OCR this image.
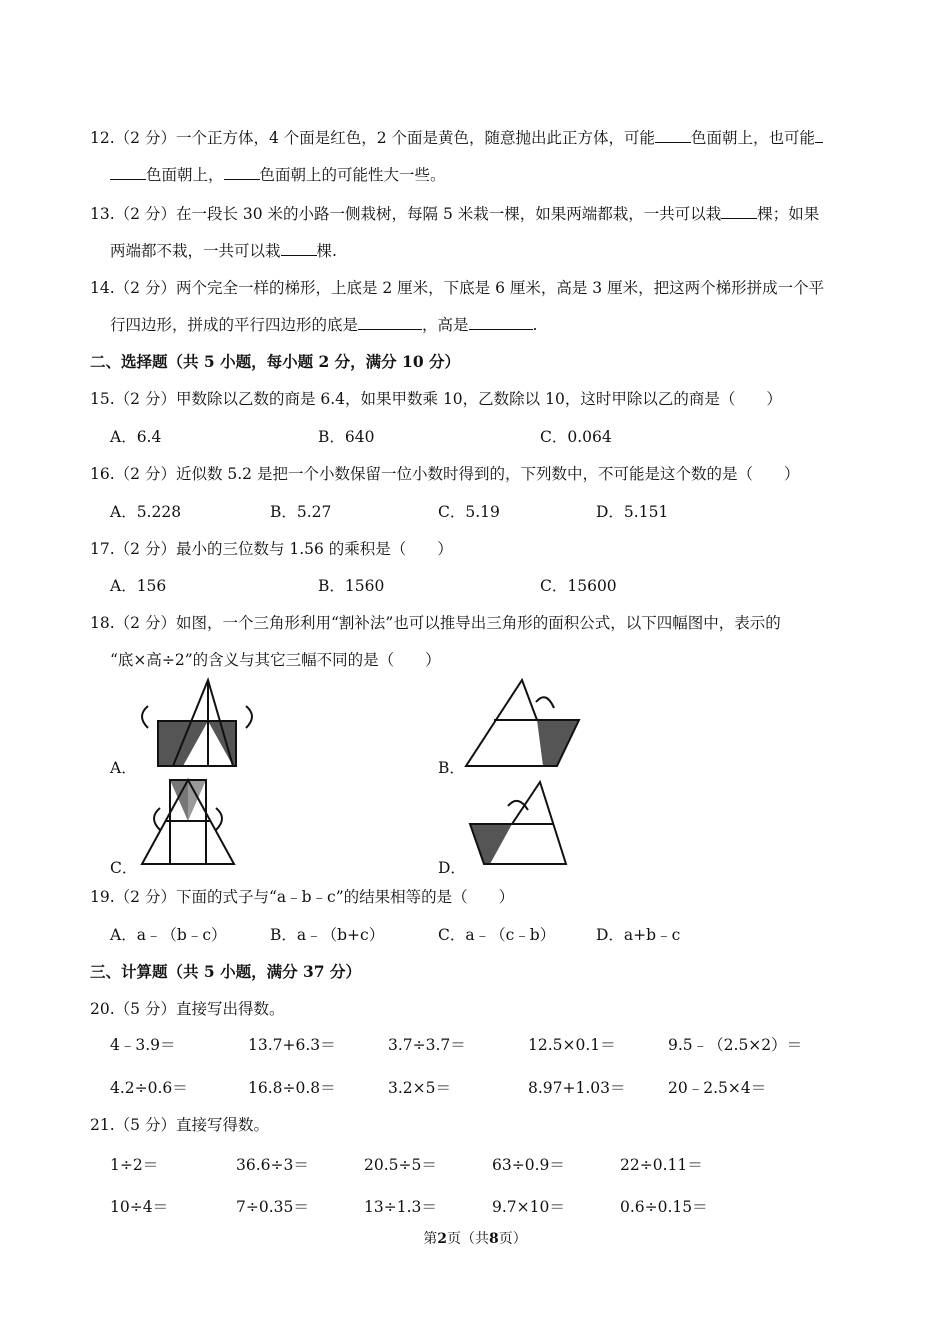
12.（2 分）一个正方体，4 个面是红色，2 个面是黄色，随意抛出此正方体，可能 色面朝上，也可能
色面朝上， 色面朝上的可能性大一些。
13.（2 分）在一段长 30 米的小路一侧栽树，每隔 5 米栽一棵，如果两端都栽，一共可以栽 棵；如果
两端都不栽，一共可以栽 棵.
14.（2 分）两个完全一样的梯形，上底是 2 厘米，下底是 6 厘米，高是 3 厘米，把这两个梯形拼成一个平
行四边形，拼成的平行四边形的底是	，高是	.
二、选择题（共 5 小题，每小题 2 分，满分 10 分）
15.（2 分）甲数除以乙数的商是 6.4，如果甲数乘 10，乙数除以 10，这时甲除以乙的商是（　　）
A．6.4	B．640	C．0.064
16.（2 分）近似数 5.2 是把一个小数保留一位小数时得到的，下列数中，不可能是这个数的是（　　）
A．5.228	B．5.27	C．5.19	D．5.151
17.（2 分）最小的三位数与 1.56 的乘积是（　　）
A．156	B．1560	C．15600
18.（2 分）如图，一个三角形利用“割补法”也可以推导出三角形的面积公式，以下四幅图中，表示的
“底×高÷2”的含义与其它三幅不同的是（　　）
A．	B．
C．	D．
19.（2 分）下面的式子与“a﹣b﹣c”的结果相等的是（　　）
A．a﹣（b﹣c）	B．a﹣（b+c）	C．a﹣（c﹣b）	D．a+b﹣c
三、计算题（共 5 小题，满分 37 分）
20.（5 分）直接写出得数。
4﹣3.9＝	13.7+6.3＝	3.7÷3.7＝	12.5×0.1＝	9.5﹣（2.5×2）＝
4.2÷0.6＝	16.8÷0.8＝	3.2×5＝	8.97+1.03＝	20﹣2.5×4＝
21.（5 分）直接写得数。
1÷2＝	36.6÷3＝	20.5÷5＝	63÷0.9＝	22÷0.11＝
10÷4＝	7÷0.35＝	13÷1.3＝	9.7×10＝	0.6÷0.15＝
第2页（共8页）
